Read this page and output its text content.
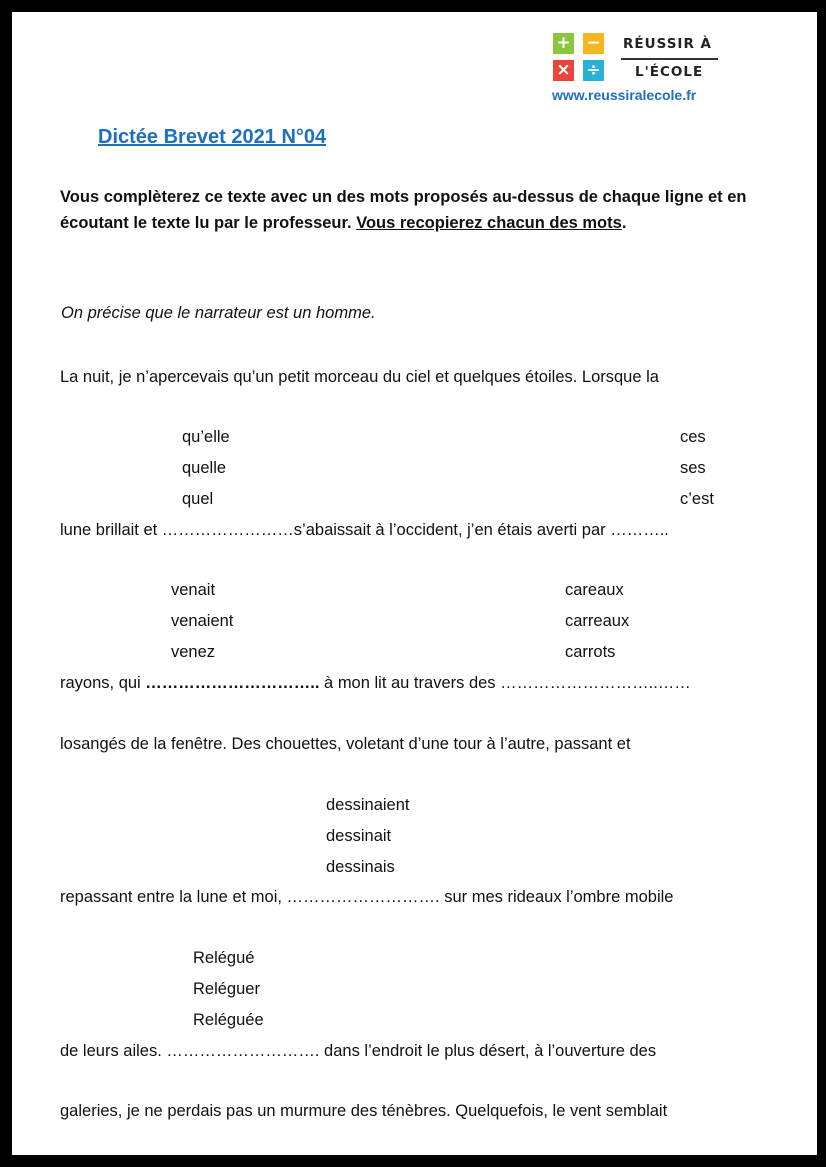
+ −
× ÷
RÉUSSIR À
L'ÉCOLE
www.reussiralecole.fr
Dictée Brevet 2021 N°04
Vous complèterez ce texte avec un des mots proposés au-dessus de chaque ligne et en écoutant le texte lu par le professeur. Vous recopierez chacun des mots.
On précise que le narrateur est un homme.
La nuit, je n’apercevais qu’un petit morceau du ciel et quelques étoiles. Lorsque la
qu’elle
quelle
quel
ces
ses
c’est
lune brillait et ……………………s’abaissait à l’occident, j’en étais averti par ………..
venait
venaient
venez
careaux
carreaux
carrots
rayons, qui ………………………….. à mon lit au travers des ………………………..……
losangés de la fenêtre. Des chouettes, voletant d’une tour à l’autre, passant et
dessinaient
dessinait
dessinais
repassant entre la lune et moi, ………………………. sur mes rideaux l’ombre mobile
Relégué
Reléguer
Reléguée
de leurs ailes. ………………………. dans l’endroit le plus désert, à l’ouverture des
galeries, je ne perdais pas un murmure des ténèbres. Quelquefois, le vent semblait
